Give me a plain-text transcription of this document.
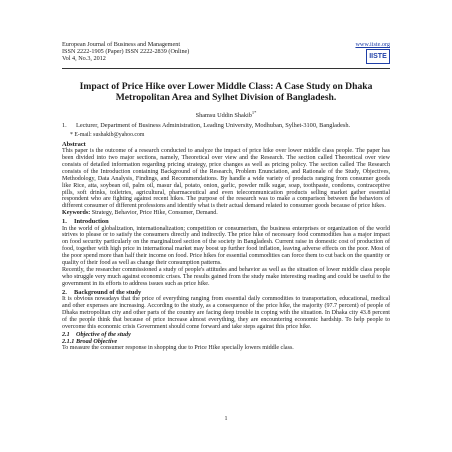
European Journal of Business and Management
ISSN 2222-1905 (Paper) ISSN 2222-2839 (Online)
Vol 4, No.3, 2012
www.iiste.org
IISTE
Impact of Price Hike over Lower Middle Class: A Case Study on Dhaka Metropolitan Area and Sylhet Division of Bangladesh.
Shamsu Uddin Shakib$^{1*}$
1.	Lecturer, Department of Business Administration, Leading University, Modhuban, Sylhet-3100, Bangladesh.
* E-mail: sushakib@yahoo.com
Abstract

This paper is the outcome of a research conducted to analyze the impact of price hike over lower middle class people. The paper has been divided into two major sections, namely, Theoretical over view and the Research. The section called Theoretical over view consists of detailed information regarding pricing strategy, price changes as well as pricing policy. The section called The Research consists of the Introduction containing Background of the Research, Problem Enunciation, and Rationale of the Study, Objectives, Methodology, Data Analysis, Findings, and Recommendations. By handle a wide variety of products ranging from consumer goods like Rice, atta, soybean oil, palm oil, masur dal, potato, onion, garlic, powder milk sugar, soap, toothpaste, condoms, contraceptive pills, soft drinks, toiletries, agricultural, pharmaceutical and even telecommunication products selling market gather essential respondent who are fighting against recent hikes. The purpose of the research was to make a comparison between the behaviors of different consumer of different professions and identify what is their actual demand related to consumer goods because of price hikes.

Keywords: Strategy, Behavior, Price Hike, Consumer, Demand.
1. Introduction

In the world of globalization, internationalization; competition or consumerism, the business enterprises or organization of the world strives to please or to satisfy the consumers directly and indirectly. The price hike of necessary food commodities has a major impact on food security particularly on the marginalized section of the society in Bangladesh. Current raise in domestic cost of production of food, together with high price in international market may boost up further food inflation, leaving adverse effects on the poor. Most of the poor spend more than half their income on food. Price hikes for essential commodities can force them to cut back on the quantity or quality of their food as well as change their consumption patterns.

Recently, the researcher commissioned a study of people's attitudes and behavior as well as the situation of lower middle class people who struggle very much against economic crises. The results gained from the study make interesting reading and could be useful to the government in its efforts to address issues such as price hike.

2. Background of the study

It is obvious nowadays that the price of everything ranging from essential daily commodities to transportation, educational, medical and other expenses are increasing. According to the study, as a consequence of the price hike, the majority (97.7 percent) of people of Dhaka metropolitan city and other parts of the country are facing deep trouble in coping with the situation. In Dhaka city 43.8 percent of the people think that because of price increase almost everything, they are encountering economic hardship. To help people to overcome this economic crisis Government should come forward and take steps against this price hike.

2.1 Objective of the study
2.1.1 Broad Objective

To measure the consumer response in shopping due to Price Hike specially lowers middle class.

1
